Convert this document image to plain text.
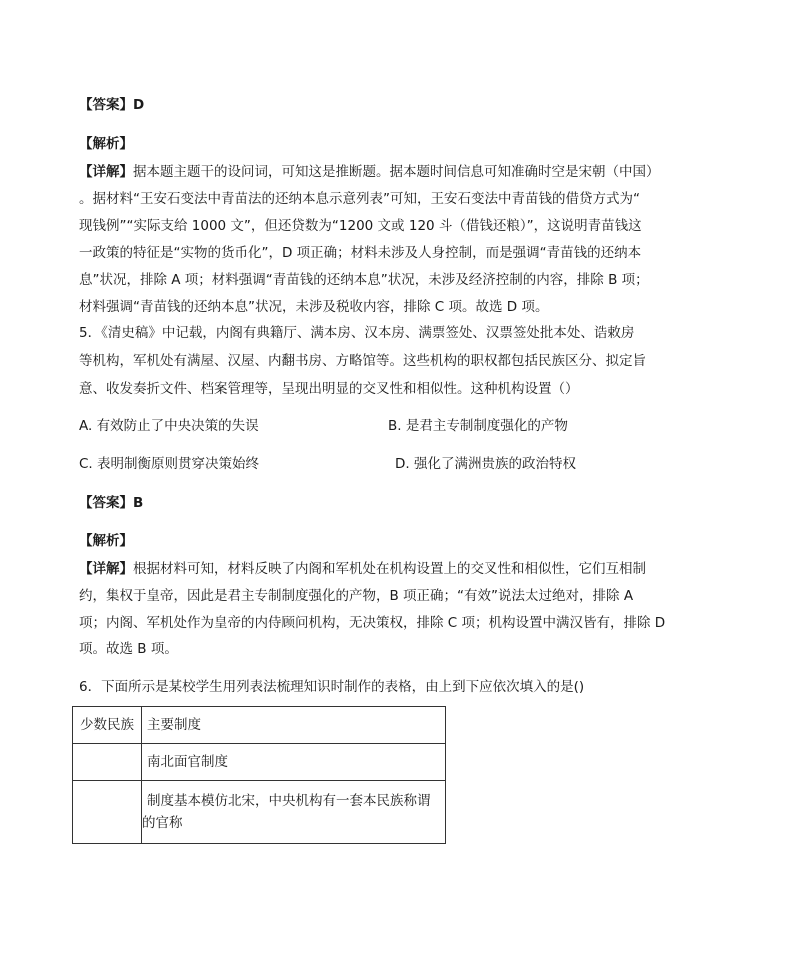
【答案】D
【解析】
【详解】据本题主题干的设问词，可知这是推断题。据本题时间信息可知准确时空是宋朝（中国）
。据材料“王安石变法中青苗法的还纳本息示意列表”可知，王安石变法中青苗钱的借贷方式为“
现钱例”“实际支给 1000 文”，但还贷数为“1200 文或 120 斗（借钱还粮）”，这说明青苗钱这
一政策的特征是“实物的货币化”，D 项正确；材料未涉及人身控制，而是强调“青苗钱的还纳本
息”状况，排除 A 项；材料强调“青苗钱的还纳本息”状况，未涉及经济控制的内容，排除 B 项；
材料强调“青苗钱的还纳本息”状况，未涉及税收内容，排除 C 项。故选 D 项。
5．《清史稿》中记载，内阁有典籍厅、满本房、汉本房、满票签处、汉票签处批本处、诰敕房
等机构，军机处有满屋、汉屋、内翻书房、方略馆等。这些机构的职权都包括民族区分、拟定旨
意、收发奏折文件、档案管理等，呈现出明显的交叉性和相似性。这种机构设置（）
A. 有效防止了中央决策的失误	B. 是君主专制制度强化的产物
C. 表明制衡原则贯穿决策始终	D. 强化了满洲贵族的政治特权
【答案】B
【解析】
【详解】根据材料可知，材料反映了内阁和军机处在机构设置上的交叉性和相似性，它们互相制
约，集权于皇帝，因此是君主专制制度强化的产物，B 项正确；“有效”说法太过绝对，排除 A
项；内阁、军机处作为皇帝的内侍顾问机构，无决策权，排除 C 项；机构设置中满汉皆有，排除 D
项。故选 B 项。
6．下面所示是某校学生用列表法梳理知识时制作的表格，由上到下应依次填入的是()
少数民族	主要制度
	南北面官制度

	制度基本模仿北宋，中央机构有一套本民族称谓
的官称
